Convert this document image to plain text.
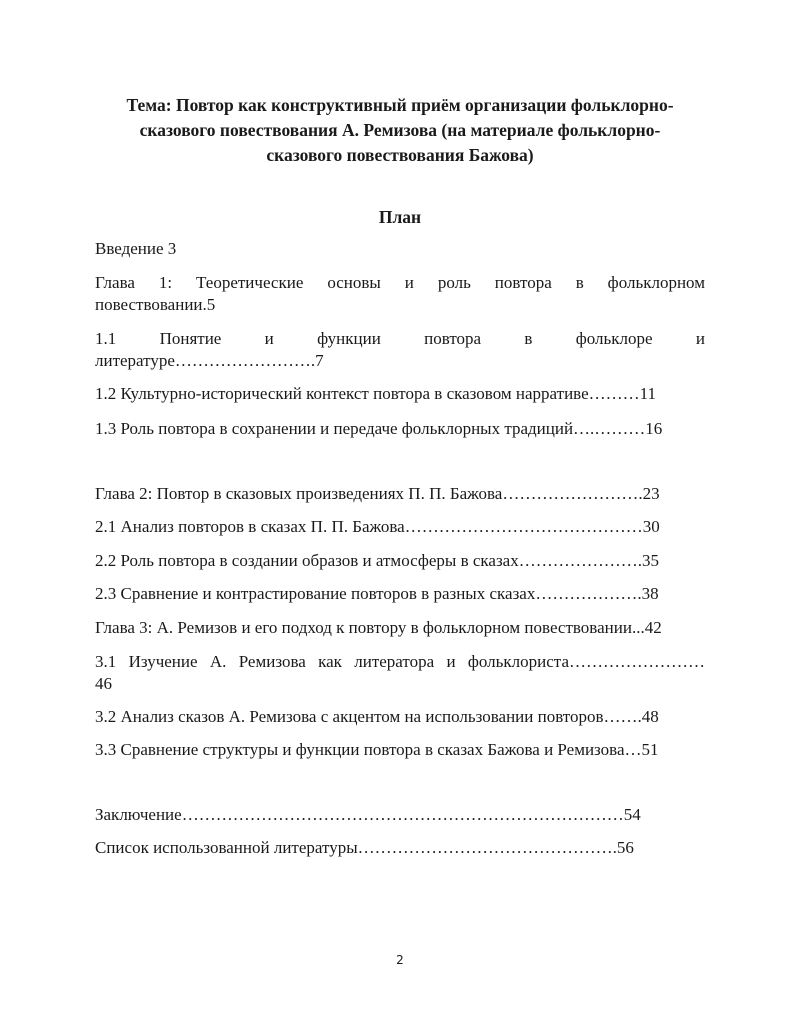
Тема: Повтор как конструктивный приём организации фольклорно-
сказового повествования А. Ремизова (на материале фольклорно-
сказового повествования Бажова)
План
Введение 3
Глава 1: Теоретические основы и роль повтора в фольклорном
повествовании.5
1.1 Понятие и функции повтора в фольклоре и
литературе…………………….7
1.2 Культурно-исторический контекст повтора в сказовом нарративе………11
1.3 Роль повтора в сохранении и передаче фольклорных традиций….………16
Глава 2: Повтор в сказовых произведениях П. П. Бажова…………………….23
2.1 Анализ повторов в сказах П. П. Бажова……………………………………30
2.2 Роль повтора в создании образов и атмосферы в сказах………………….35
2.3 Сравнение и контрастирование повторов в разных сказах……………….38
Глава 3: А. Ремизов и его подход к повтору в фольклорном повествовании...42
3.1 Изучение А. Ремизова как литератора и фольклориста……………………
46
3.2 Анализ сказов А. Ремизова с акцентом на использовании повторов…….48
3.3 Сравнение структуры и функции повтора в сказах Бажова и Ремизова…51
Заключение……………………………………………………………………54
Список использованной литературы……………………………………….56
2
